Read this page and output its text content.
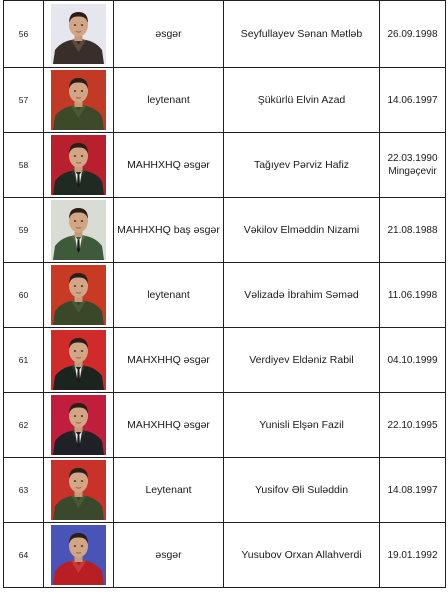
56		əsgər	Seyfullayev Sənan Mətləb	26.09.1998
57		leytenant	Şükürlü Elvin Azad	14.06.1997
58		MAHHXHQ əsgər	Tağıyev Pərviz Hafiz	22.03.1990
Mingəçevir
59		MAHHXHQ baş əsgər	Vəkilov Elməddin Nizami	21.08.1988
60		leytenant	Vəlizadə İbrahim Səməd	11.06.1998
61		MAHXHHQ əsgər	Verdiyev Eldəniz Rabil	04.10.1999
62		MAHXHHQ əsgər	Yunisli Elşən Fazil	22.10.1995
63		Leytenant	Yusifov Əli Suləddin	14.08.1997
64		əsgər	Yusubov Orxan Allahverdi	19.01.1992
